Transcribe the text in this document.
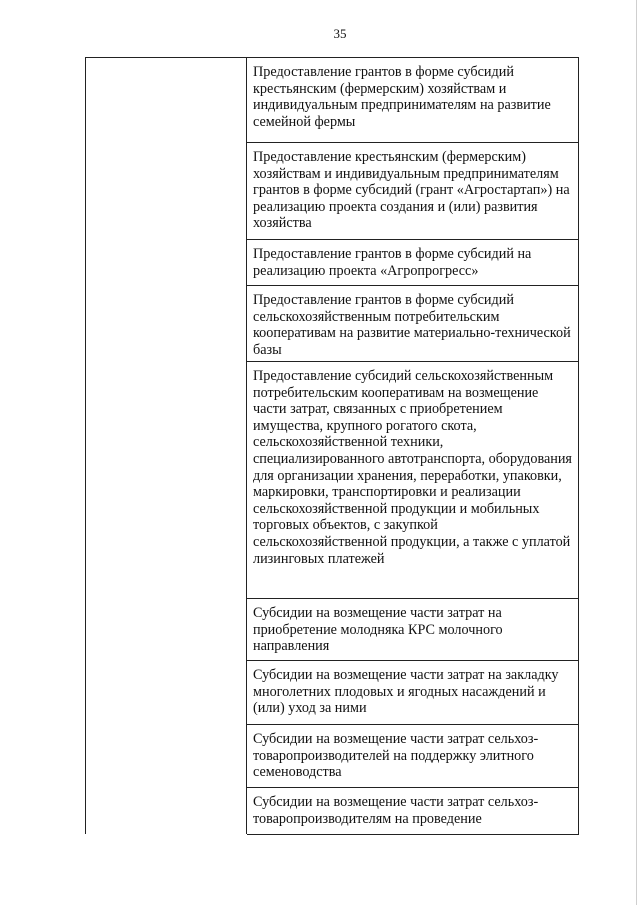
35
Предоставление грантов в форме субсидий крестьянским (фермерским) хозяйствам и индивидуальным предпринимателям на развитие семейной фермы
Предоставление крестьянским (фермерским) хозяйствам и индивидуальным предпринимателям грантов в форме субсидий (грант «Агростартап») на реализацию проекта создания и (или) развития хозяйства
Предоставление грантов в форме субсидий на реализацию проекта «Агропрогресс»
Предоставление грантов в форме субсидий сельскохозяйственным потребительским кооперативам на развитие материально-технической базы
Предоставление субсидий сельскохозяйственным потребительским кооперативам на возмещение части затрат, связанных с приобретением имущества, крупного рогатого скота, сельскохозяйственной техники, специализированного автотранспорта, оборудования для организации хранения, переработки, упаковки, маркировки, транспортировки и реализации сельскохозяйственной продукции и мобильных торговых объектов, с закупкой сельскохозяйственной продукции, а также с уплатой лизинговых платежей
Субсидии на возмещение части затрат на приобретение молодняка КРС молочного направления
Субсидии на возмещение части затрат на закладку многолетних плодовых и ягодных насаждений и (или) уход за ними
Субсидии на возмещение части затрат сельхоз-товаропроизводителей на поддержку элитного семеноводства
Субсидии на возмещение части затрат сельхоз-товаропроизводителям на проведение
